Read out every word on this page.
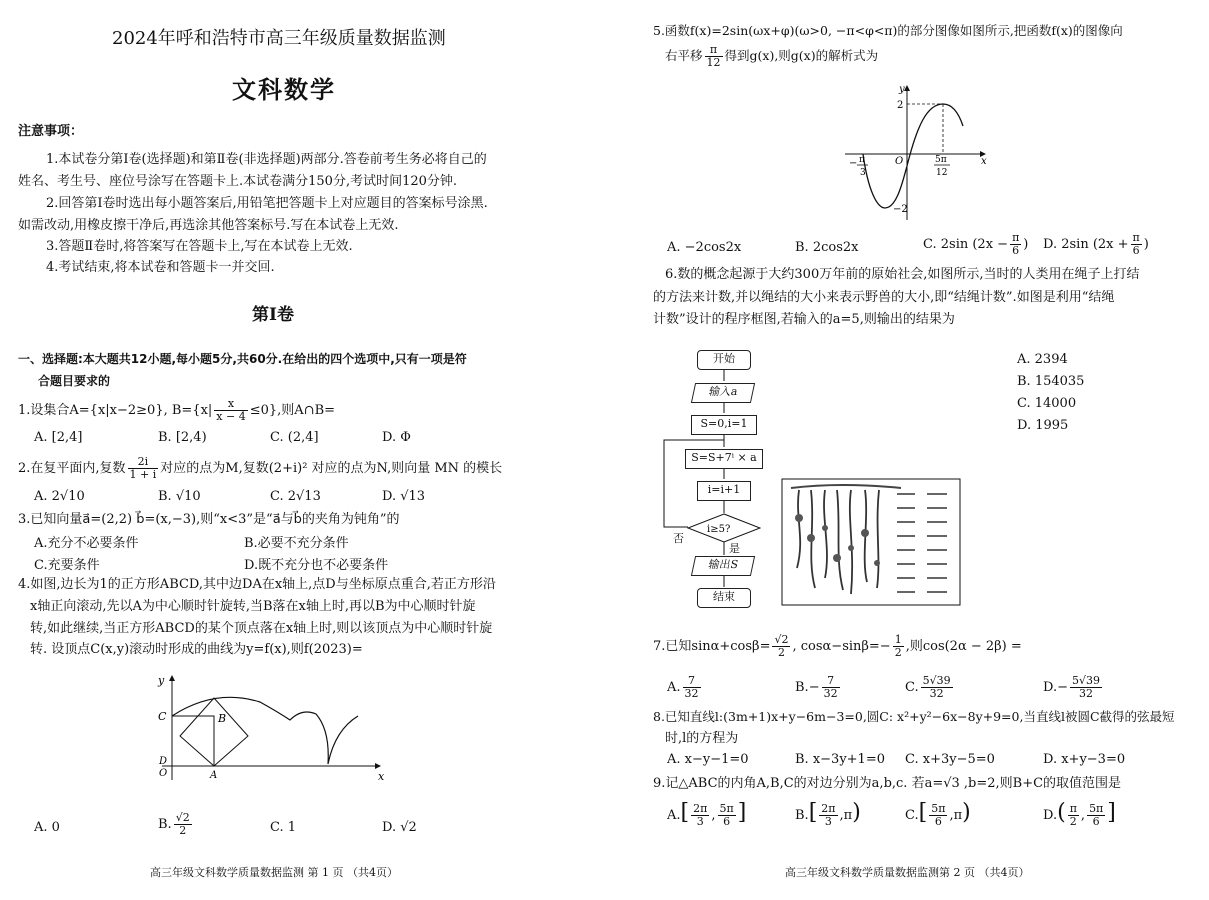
2024年呼和浩特市高三年级质量数据监测
文科数学
注意事项：
1.本试卷分第Ⅰ卷(选择题)和第Ⅱ卷(非选择题)两部分.答卷前考生务必将自己的
姓名、考生号、座位号涂写在答题卡上.本试卷满分150分,考试时间120分钟.
2.回答第Ⅰ卷时选出每小题答案后,用铅笔把答题卡上对应题目的答案标号涂黑.
如需改动,用橡皮擦干净后,再选涂其他答案标号.写在本试卷上无效.
3.答题Ⅱ卷时,将答案写在答题卡上,写在本试卷上无效.
4.考试结束,将本试卷和答题卡一并交回.
第Ⅰ卷
一、选择题:本大题共12小题,每小题5分,共60分.在给出的四个选项中,只有一项是符
合题目要求的
1.设集合A={x|x−2≥0}, $B=\{x| \frac{x}{x - 4} \le 0\}$,则A∩B=
A. [2,4]	B. [2,4)	C. (2,4]	D. Φ
2.在复平面内,复数 $\frac{2i}{1 + i}$ 对应的点为M,复数(2+i)² 对应的点为N,则向量 MN 的模长
A. 2√10	B. √10	C. 2√13	D. √13
3.已知向量a⃗=(2,2) b⃗=(x,−3),则“x<3”是“a⃗与b⃗的夹角为钝角”的
A.充分不必要条件	B.必要不充分条件
C.充要条件	D.既不充分也不必要条件
4.如图,边长为1的正方形ABCD,其中边DA在x轴上,点D与坐标原点重合,若正方形沿
x轴正向滚动,先以A为中心顺时针旋转,当B落在x轴上时,再以B为中心顺时针旋
转,如此继续,当正方形ABCD的某个顶点落在x轴上时,则以该顶点为中心顺时针旋
转. 设顶点C(x,y)滚动时形成的曲线为y=f(x),则f(2023)=
y
x
C	B
D
O	A
A. 0	B. $\frac{√2}{2}$	C. 1	D. √2
高三年级文科数学质量数据监测 第 1 页 （共4页）
5.函数f(x)=2sin(ωx+φ)(ω>0, −π<φ<π)的部分图像如图所示,把函数f(x)的图像向
右平移 $\frac{\pi}{12}$ 得到g(x),则g(x)的解析式为
y
x
O
2
−2
− π
3
5π
12
A. −2cos2x	B. 2cos2x	C. 2sin ($2x - \frac{\pi}{6}$ ) D. 2sin ($2x + \frac{\pi}{6}$ )
6.数的概念起源于大约300万年前的原始社会,如图所示,当时的人类用在绳子上打结
的方法来计数,并以绳结的大小来表示野兽的大小,即“结绳计数”.如图是利用“结绳
计数”设计的程序框图,若输入的a=5,则输出的结果为
开始
输入a
S=0,i=1
S=S+7ⁱ × a
i=i+1
i≥5?
否
是
输出S
结束
A. 2394
B. 154035
C. 14000
D. 1995
7.已知$\sin\alpha+\cos\beta= \frac{√2}{2}$ , $\cos\alpha-\sin\beta=- \frac{1}{2}$ ,则cos(2α − 2β) =
A. $\frac{7}{32}$	$B.- \frac{7}{32}$	C. $\frac{5√39}{32}$	$D.- \frac{5√39}{32}$
8.已知直线l:(3m+1)x+y−6m−3=0,圆C: x²+y²−6x−8y+9=0,当直线l被圆C截得的弦最短
时,l的方程为
A. x−y−1=0	B. x−3y+1=0 C. x+3y−5=0	D. x+y−3=0
9.记△ABC的内角A,B,C的对边分别为a,b,c. 若a=√3 ,b=2,则B+C的取值范围是
$A.[ \frac{2\pi}{3}$ , $\frac{5\pi}{6}$ ]	$B.[ \frac{2\pi}{3} ,\pi)$	$C.[ \frac{5\pi}{6} ,\pi)$	$D.( \frac{\pi}{2}$ , $\frac{5\pi}{6}$ ]
高三年级文科数学质量数据监测第 2 页 （共4页）
